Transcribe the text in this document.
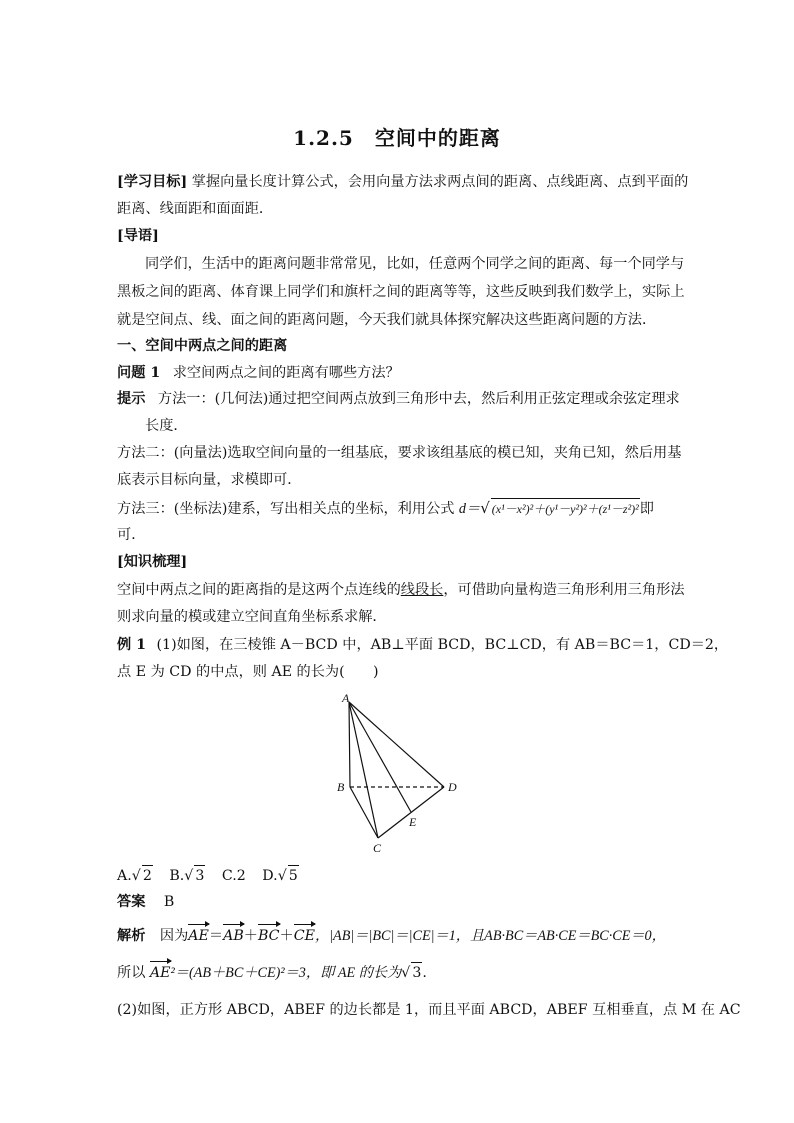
1.2.5　空间中的距离
[学习目标] 掌握向量长度计算公式，会用向量方法求两点间的距离、点线距离、点到平面的
距离、线面距和面面距．
[导语]
同学们，生活中的距离问题非常常见，比如，任意两个同学之间的距离、每一个同学与
黑板之间的距离、体育课上同学们和旗杆之间的距离等等，这些反映到我们数学上，实际上
就是空间点、线、面之间的距离问题，今天我们就具体探究解决这些距离问题的方法．
一、空间中两点之间的距离
问题 1 求空间两点之间的距离有哪些方法？
提示 方法一：(几何法)通过把空间两点放到三角形中去，然后利用正弦定理或余弦定理求
长度．
方法二：(向量法)选取空间向量的一组基底，要求该组基底的模已知，夹角已知，然后用基
底表示目标向量，求模即可．
方法三：(坐标法)建系，写出相关点的坐标，利用公式 d＝√ (x¹－x²)²＋(y¹－y²)²＋(z¹－z²)²即
可．
[知识梳理]
空间中两点之间的距离指的是这两个点连线的线段长，可借助向量构造三角形利用三角形法
则求向量的模或建立空间直角坐标系求解．
例 1 (1)如图，在三棱锥 A－BCD 中，AB⊥平面 BCD，BC⊥CD，有 AB＝BC＝1，CD＝2，
点 E 为 CD 的中点，则 AE 的长为(　　)
A
B
C
D
E
A.√ 2 B.√ 3 C.2 D.√ 5
答案 B
解析 因为AE＝AB＋BC＋CE，|AB|＝|BC|＝|CE|＝1，且AB·BC＝AB·CE＝BC·CE＝0，
所以 AE²＝(AB＋BC＋CE)²＝3，即 AE 的长为√ 3.
(2)如图，正方形 ABCD，ABEF 的边长都是 1，而且平面 ABCD，ABEF 互相垂直，点 M 在 AC
